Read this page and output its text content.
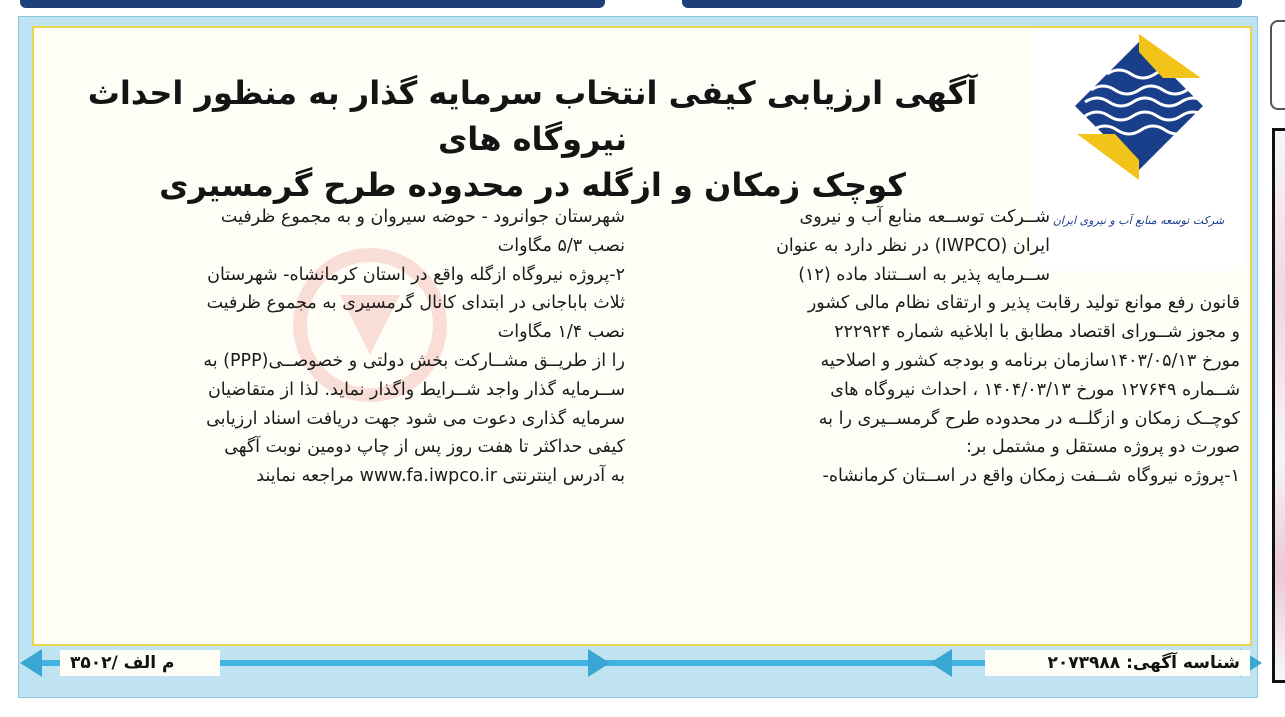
شرکت توسعه منابع آب و نیروی ایران
آگهی ارزیابی کیفی انتخاب سرمایه گذار به منظور احداث نیروگاه های
کوچک زمکان و ازگله در محدوده طرح گرمسیری
شــرکت توســعه منابع آب و نیروی
ایران (IWPCO) در نظر دارد به عنوان
ســرمایه پذیر به اســتناد ماده (۱۲)
قانون رفع موانع تولید رقابت پذیر و ارتقای نظام مالی کشور
و مجوز شــورای اقتصاد مطابق با ابلاغیه شماره ۲۲۲۹۲۴
مورخ ۱۴۰۳/۰۵/۱۳سازمان برنامه و بودجه کشور و اصلاحیه
شــماره ۱۲۷۶۴۹ مورخ ۱۴۰۴/۰۳/۱۳ ، احداث نیروگاه های
کوچــک زمکان و ازگلــه در محدوده طرح گرمســیری را به
صورت دو پروژه مستقل و مشتمل بر:
۱-پروژه نیروگاه شــفت زمکان واقع در اســتان کرمانشاه-
شهرستان جوانرود - حوضه سیروان و به مجموع ظرفیت
نصب ۵/۳ مگاوات
۲-پروژه نیروگاه ازگله واقع در استان کرمانشاه- شهرستان
ثلاث باباجانی در ابتدای کانال گرمسیری به مجموع ظرفیت
نصب ۱/۴ مگاوات
را از طریــق مشــارکت بخش دولتی و خصوصــی(PPP) به
ســرمایه گذار واجد شــرایط واگذار نماید. لذا از متقاضیان
سرمایه گذاری دعوت می شود جهت دریافت اسناد ارزیابی
کیفی حداکثر تا هفت روز پس از چاپ دومین نوبت آگهی
به آدرس اینترنتی www.fa.iwpco.ir مراجعه نمایند
شناسه آگهی: ۲۰۷۳۹۸۸
م الف /۳۵۰۲
